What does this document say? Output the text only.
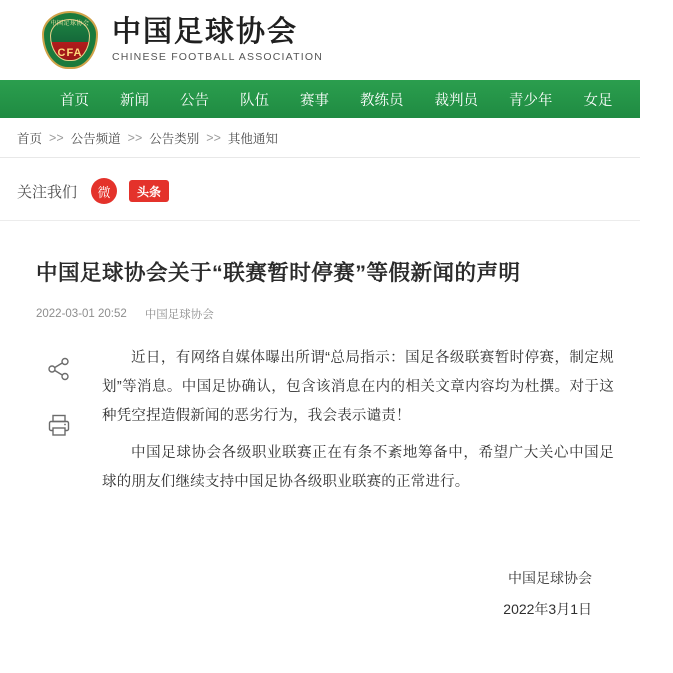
中国足球协会
CFA
中国足球协会
CHINESE FOOTBALL ASSOCIATION
首页 新闻 公告 队伍 赛事 教练员 裁判员 青少年 女足 全民
首页 >> 公告频道 >> 公告类别 >> 其他通知
关注我们	微	头条
中国足球协会关于“联赛暂时停赛”等假新闻的声明
2022-03-01 20:52 中国足球协会

近日，有网络自媒体曝出所谓“总局指示：国足各级联赛暂时停赛，制定规划”等消息。中国足协确认，包含该消息在内的相关文章内容均为杜撰。对于这种凭空捏造假新闻的恶劣行为，我会表示谴责！

中国足球协会各级职业联赛正在有条不紊地筹备中，希望广大关心中国足球的朋友们继续支持中国足协各级职业联赛的正常进行。

中国足球协会
2022年3月1日
